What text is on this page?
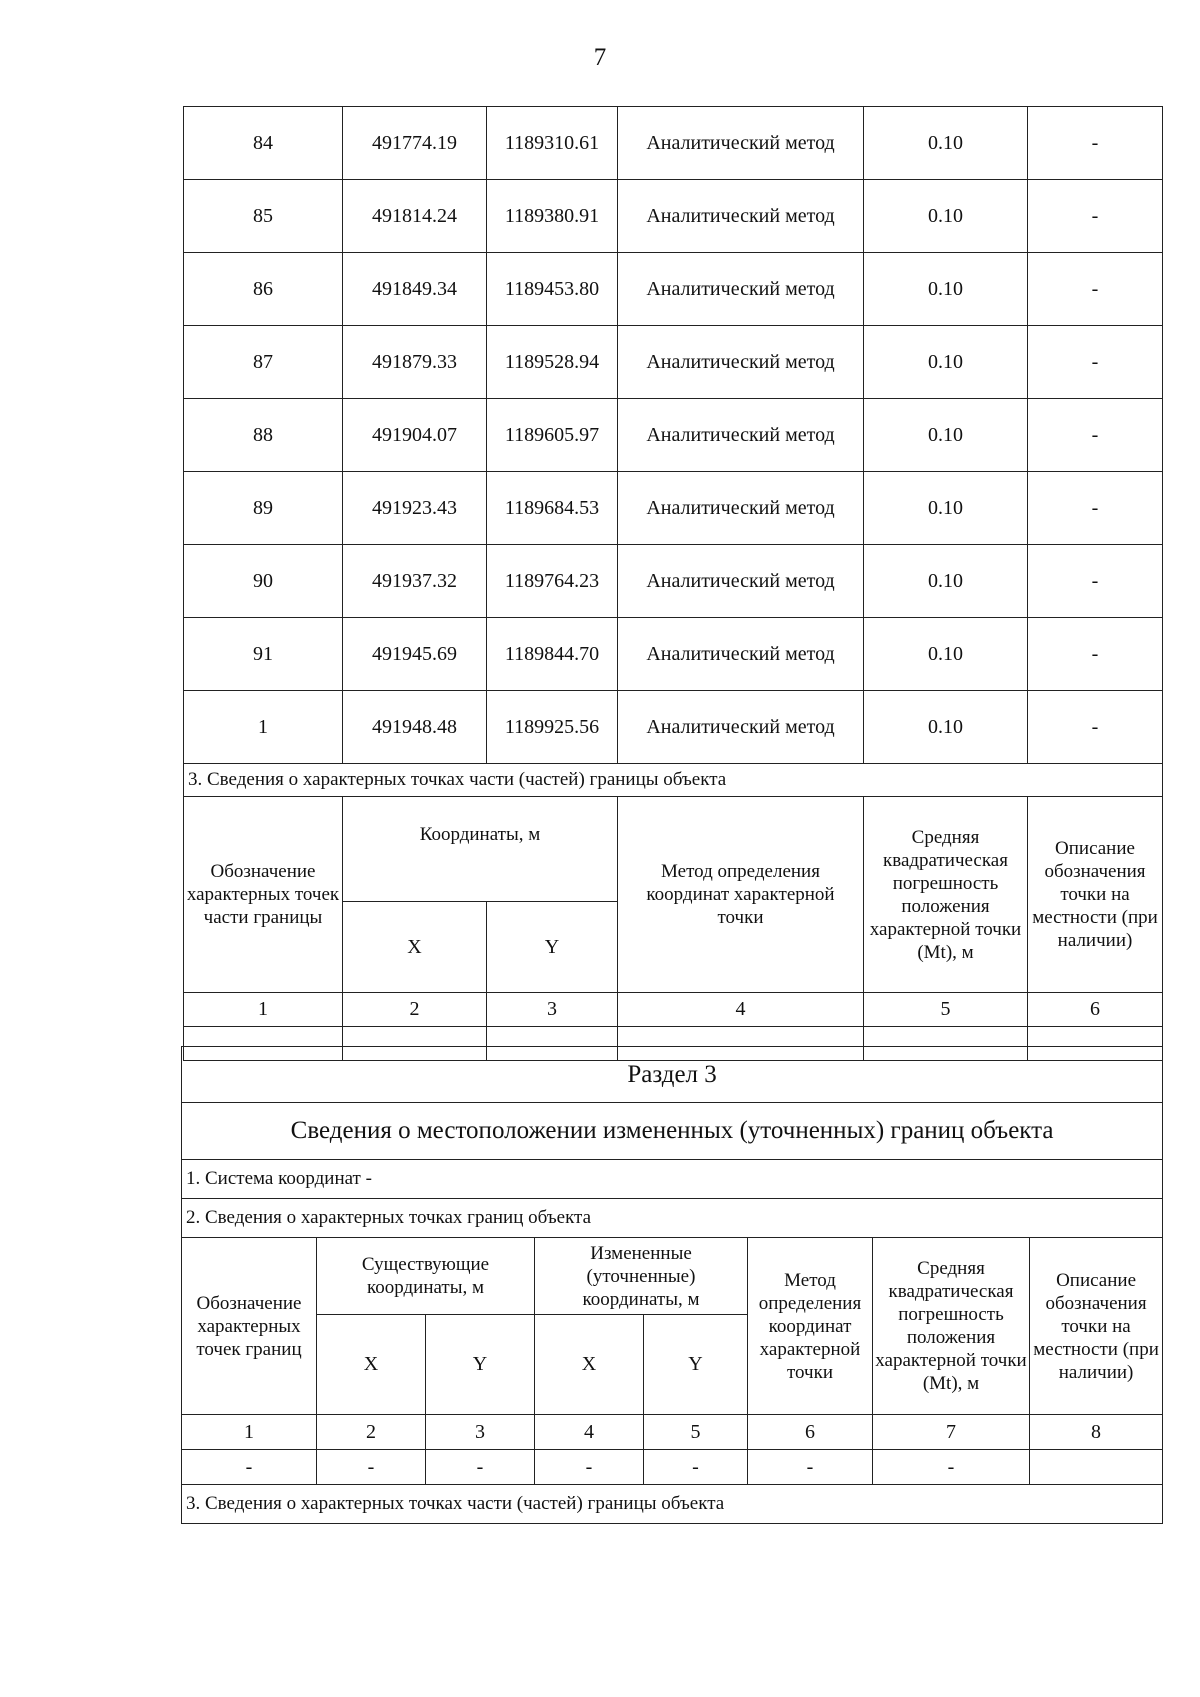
7
84	491774.19	1189310.61	Аналитический метод	0.10	-
85	491814.24	1189380.91	Аналитический метод	0.10	-
86	491849.34	1189453.80	Аналитический метод	0.10	-
87	491879.33	1189528.94	Аналитический метод	0.10	-
88	491904.07	1189605.97	Аналитический метод	0.10	-
89	491923.43	1189684.53	Аналитический метод	0.10	-
90	491937.32	1189764.23	Аналитический метод	0.10	-
91	491945.69	1189844.70	Аналитический метод	0.10	-
1	491948.48	1189925.56	Аналитический метод	0.10	-
3. Сведения о характерных точках части (частей) границы объекта					
Обозначение характерных точек части границы	Координаты, м		Метод определения координат характерной точки	Средняя квадратическая погрешность положения характерной точки (Mt), м	Описание обозначения точки на местности (при наличии)
	X	Y			
1	2	3	4	5	6

Раздел 3							
Сведения о местоположении измененных (уточненных) границ объекта							
1. Система координат -							
2. Сведения о характерных точках границ объекта							
Обозначение характерных точек границ	Существующие координаты, м		Измененные (уточненные) координаты, м		Метод определения координат характерной точки	Средняя квадратическая погрешность положения характерной точки (Mt), м	Описание обозначения точки на местности (при наличии)
	X	Y	X	Y			
1	2	3	4	5	6	7	8
-	-	-	-	-	-	-	
3. Сведения о характерных точках части (частей) границы объекта							
